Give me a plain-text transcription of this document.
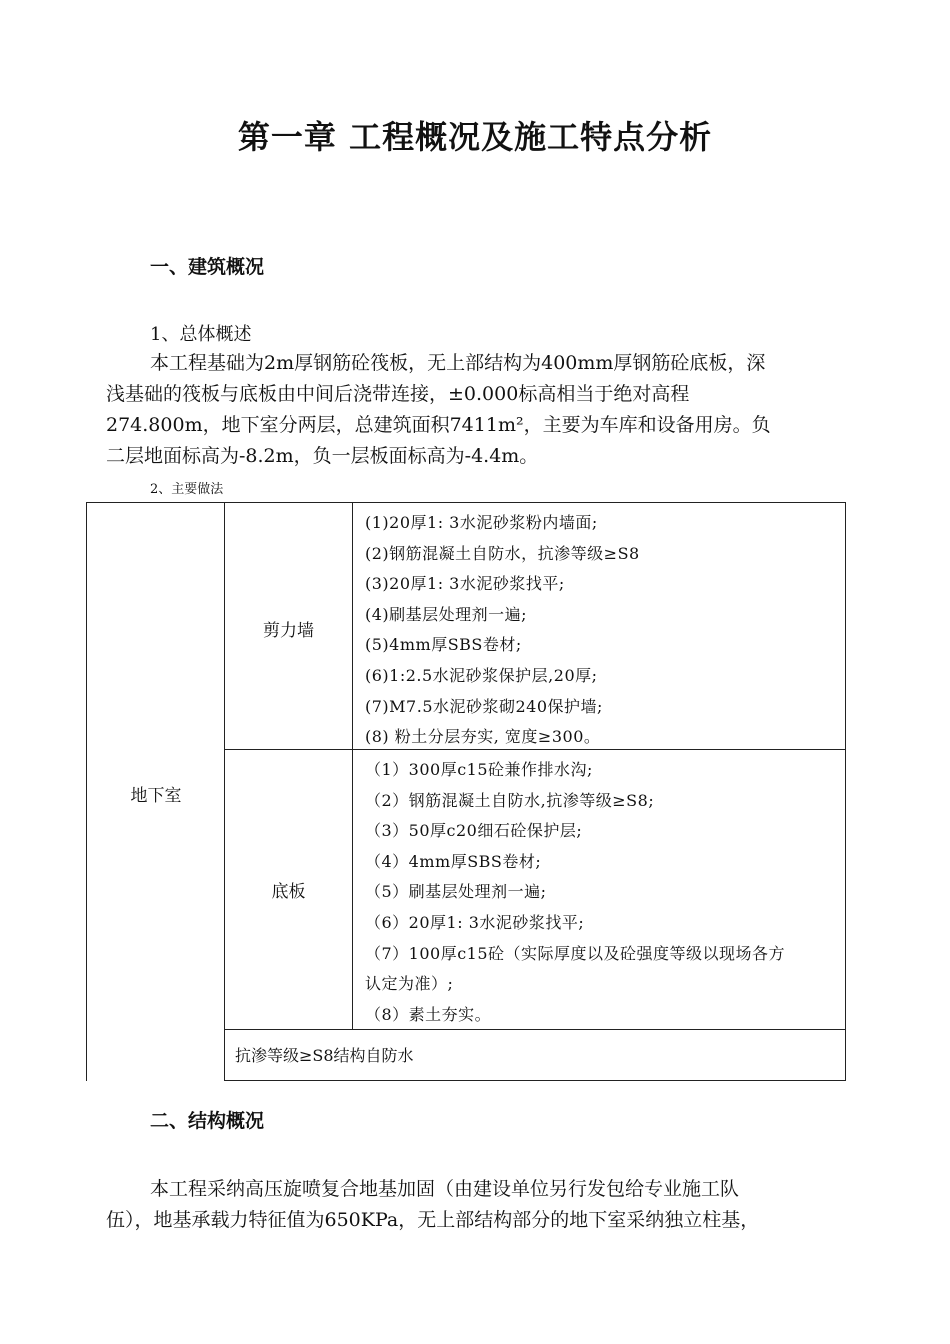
第一章 工程概况及施工特点分析
一、建筑概况
1、总体概述
本工程基础为2m厚钢筋砼筏板，无上部结构为400mm厚钢筋砼底板，深
浅基础的筏板与底板由中间后浇带连接，±0.000标高相当于绝对高程
274.800m，地下室分两层，总建筑面积7411m²，主要为车库和设备用房。负
二层地面标高为-8.2m，负一层板面标高为-4.4m。
2、主要做法
地下室
剪力墙
(1)20厚1: 3水泥砂浆粉内墙面;
(2)钢筋混凝土自防水，抗渗等级≥S8
(3)20厚1: 3水泥砂浆找平;
(4)刷基层处理剂一遍;
(5)4mm厚SBS卷材;
(6)1:2.5水泥砂浆保护层,20厚;
(7)M7.5水泥砂浆砌240保护墙;
(8) 粉土分层夯实, 宽度≥300。
底板
（1）300厚c15砼兼作排水沟;
（2）钢筋混凝土自防水,抗渗等级≥S8;
（3）50厚c20细石砼保护层;
（4）4mm厚SBS卷材;
（5）刷基层处理剂一遍;
（6）20厚1: 3水泥砂浆找平;
（7）100厚c15砼（实际厚度以及砼强度等级以现场各方
认定为准）;
（8）素土夯实。
抗渗等级≥S8结构自防水
二、结构概况
本工程采纳高压旋喷复合地基加固（由建设单位另行发包给专业施工队
伍），地基承载力特征值为650KPa，无上部结构部分的地下室采纳独立柱基，
